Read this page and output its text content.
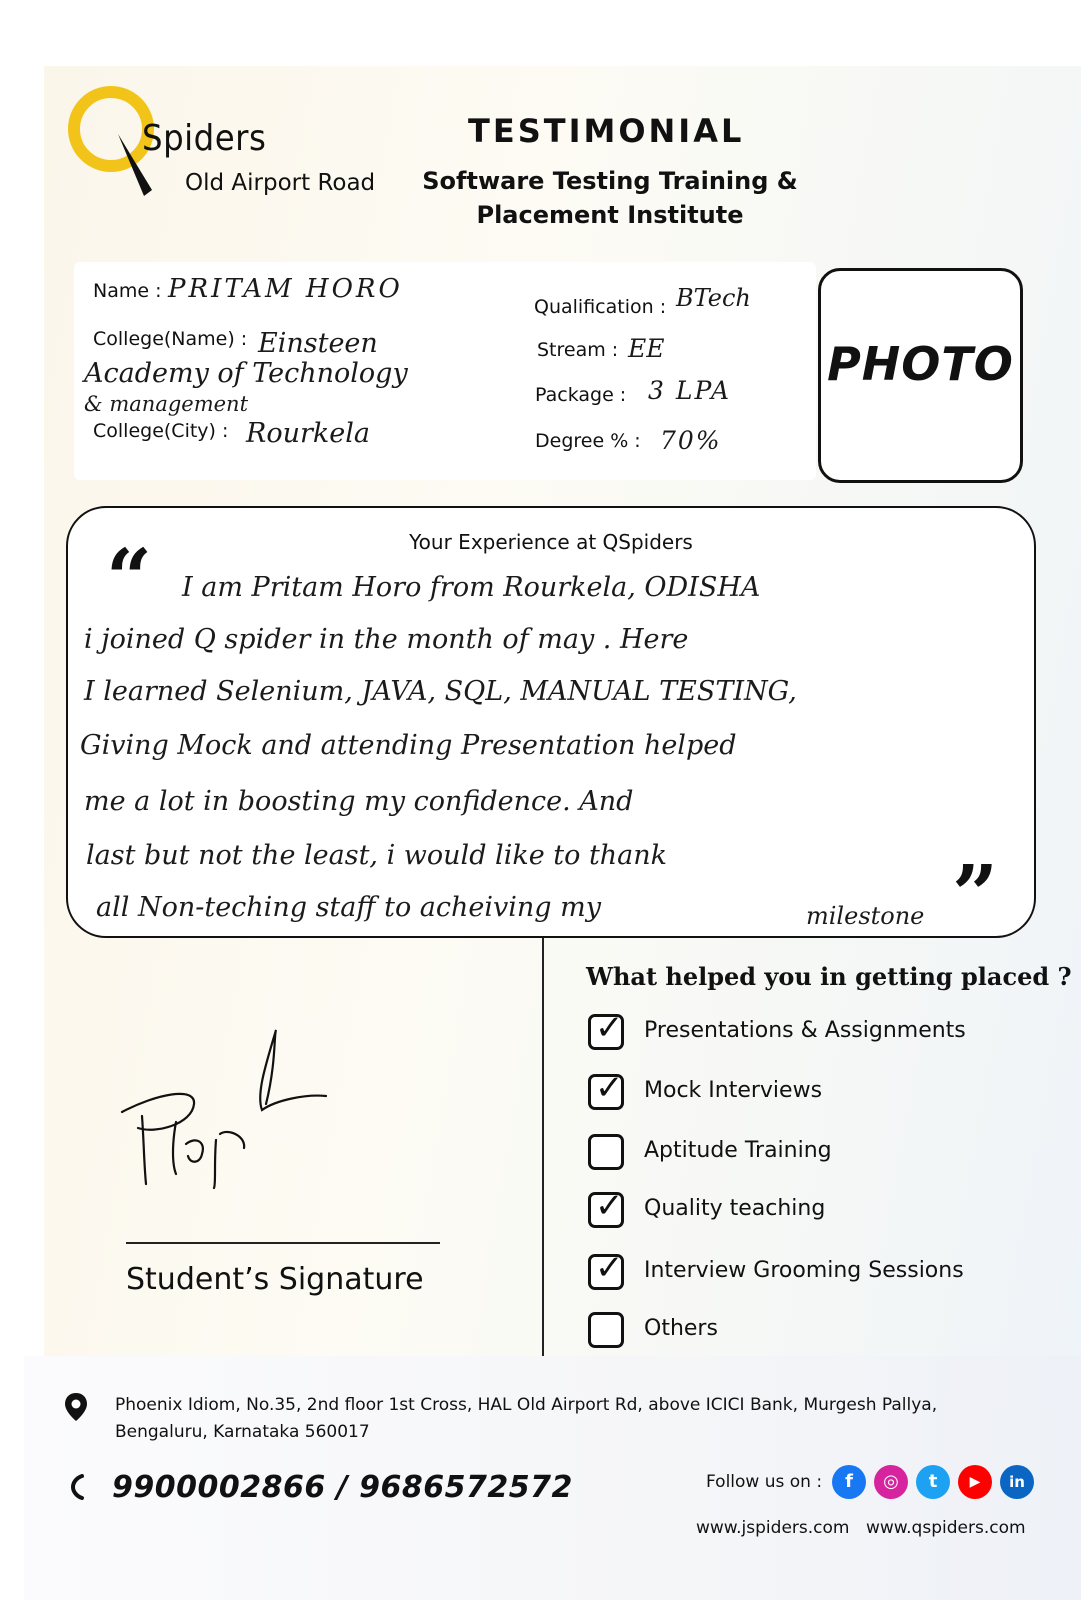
Spiders
Old Airport Road
TESTIMONIAL
Software Testing Training &
Placement Institute
Name : PRITAM HORO
College(Name) : Einsteen
Academy of Technology
& management
College(City) : Rourkela
Qualification : BTech
Stream : EE
Package : 3 LPA
Degree % : 70%
PHOTO
“	Your Experience at QSpiders
”
I am Pritam Horo from Rourkela, ODISHA
i joined Q spider in the month of may . Here
I learned Selenium, JAVA, SQL, MANUAL TESTING,
Giving Mock and attending Presentation helped
me a lot in boosting my confidence. And
last but not the least, i would like to thank
all Non-teching staff to acheiving my	milestone
What helped you in getting placed ?
✓ Presentations & Assignments
✓ Mock Interviews
Aptitude Training
✓ Quality teaching
✓ Interview Grooming Sessions
Others
Student’s Signature
Phoenix Idiom, No.35, 2nd floor 1st Cross, HAL Old Airport Rd, above ICICI Bank, Murgesh Pallya,
Bengaluru, Karnataka 560017
9900002866 / 9686572572	Follow us on :	f	◎	t	▶	in
www.jspiders.com www.qspiders.com
